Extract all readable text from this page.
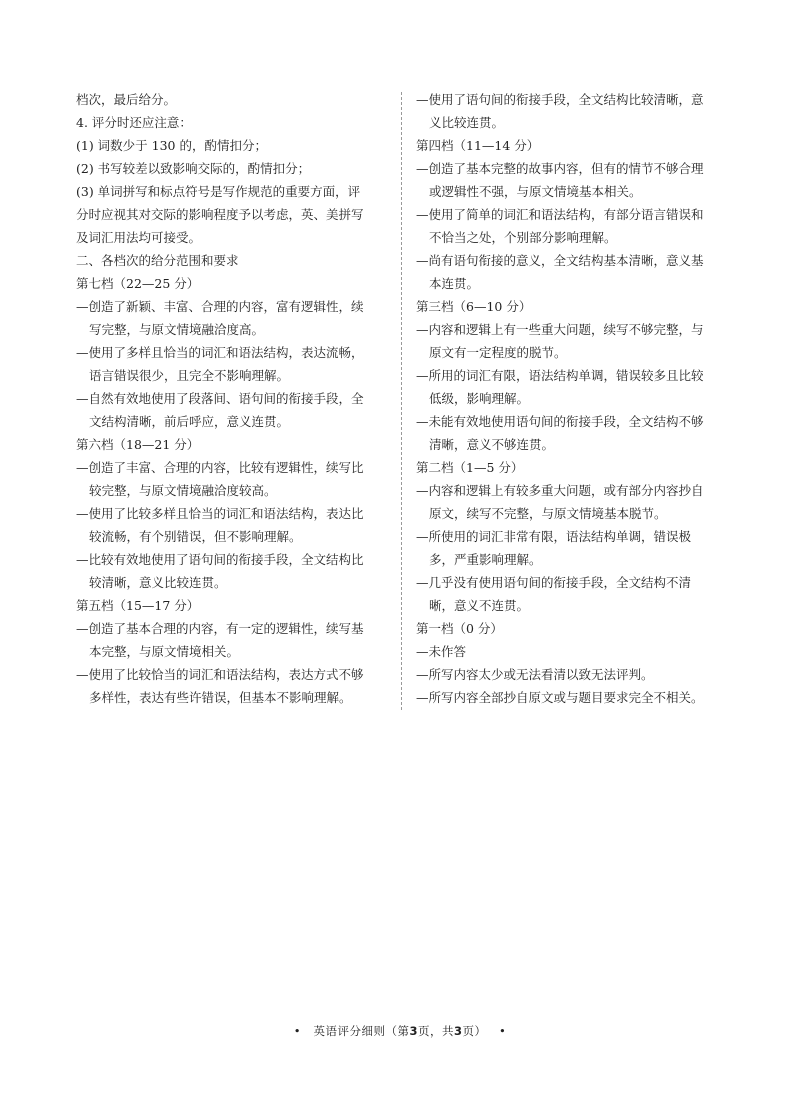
档次，最后给分。
4. 评分时还应注意：
(1) 词数少于 130 的，酌情扣分；
(2) 书写较差以致影响交际的，酌情扣分；
(3) 单词拼写和标点符号是写作规范的重要方面，评
分时应视其对交际的影响程度予以考虑，英、美拼写
及词汇用法均可接受。
二、各档次的给分范围和要求
第七档（22—25 分）
—创造了新颖、丰富、合理的内容，富有逻辑性，续
写完整，与原文情境融洽度高。
—使用了多样且恰当的词汇和语法结构，表达流畅，
语言错误很少，且完全不影响理解。
—自然有效地使用了段落间、语句间的衔接手段，全
文结构清晰，前后呼应，意义连贯。
第六档（18—21 分）
—创造了丰富、合理的内容，比较有逻辑性，续写比
较完整，与原文情境融洽度较高。
—使用了比较多样且恰当的词汇和语法结构，表达比
较流畅，有个别错误，但不影响理解。
—比较有效地使用了语句间的衔接手段，全文结构比
较清晰，意义比较连贯。
第五档（15—17 分）
—创造了基本合理的内容，有一定的逻辑性，续写基
本完整，与原文情境相关。
—使用了比较恰当的词汇和语法结构，表达方式不够
多样性，表达有些许错误，但基本不影响理解。
—使用了语句间的衔接手段，全文结构比较清晰，意
义比较连贯。
第四档（11—14 分）
—创造了基本完整的故事内容，但有的情节不够合理
或逻辑性不强，与原文情境基本相关。
—使用了简单的词汇和语法结构，有部分语言错误和
不恰当之处，个别部分影响理解。
—尚有语句衔接的意义，全文结构基本清晰，意义基
本连贯。
第三档（6—10 分）
—内容和逻辑上有一些重大问题，续写不够完整，与
原文有一定程度的脱节。
—所用的词汇有限，语法结构单调，错误较多且比较
低级，影响理解。
—未能有效地使用语句间的衔接手段，全文结构不够
清晰，意义不够连贯。
第二档（1—5 分）
—内容和逻辑上有较多重大问题，或有部分内容抄自
原文，续写不完整，与原文情境基本脱节。
—所使用的词汇非常有限，语法结构单调，错误极
多，严重影响理解。
—几乎没有使用语句间的衔接手段，全文结构不清
晰，意义不连贯。
第一档（0 分）
—未作答
—所写内容太少或无法看清以致无法评判。
—所写内容全部抄自原文或与题目要求完全不相关。
• 英语评分细则（第3页，共3页） •
